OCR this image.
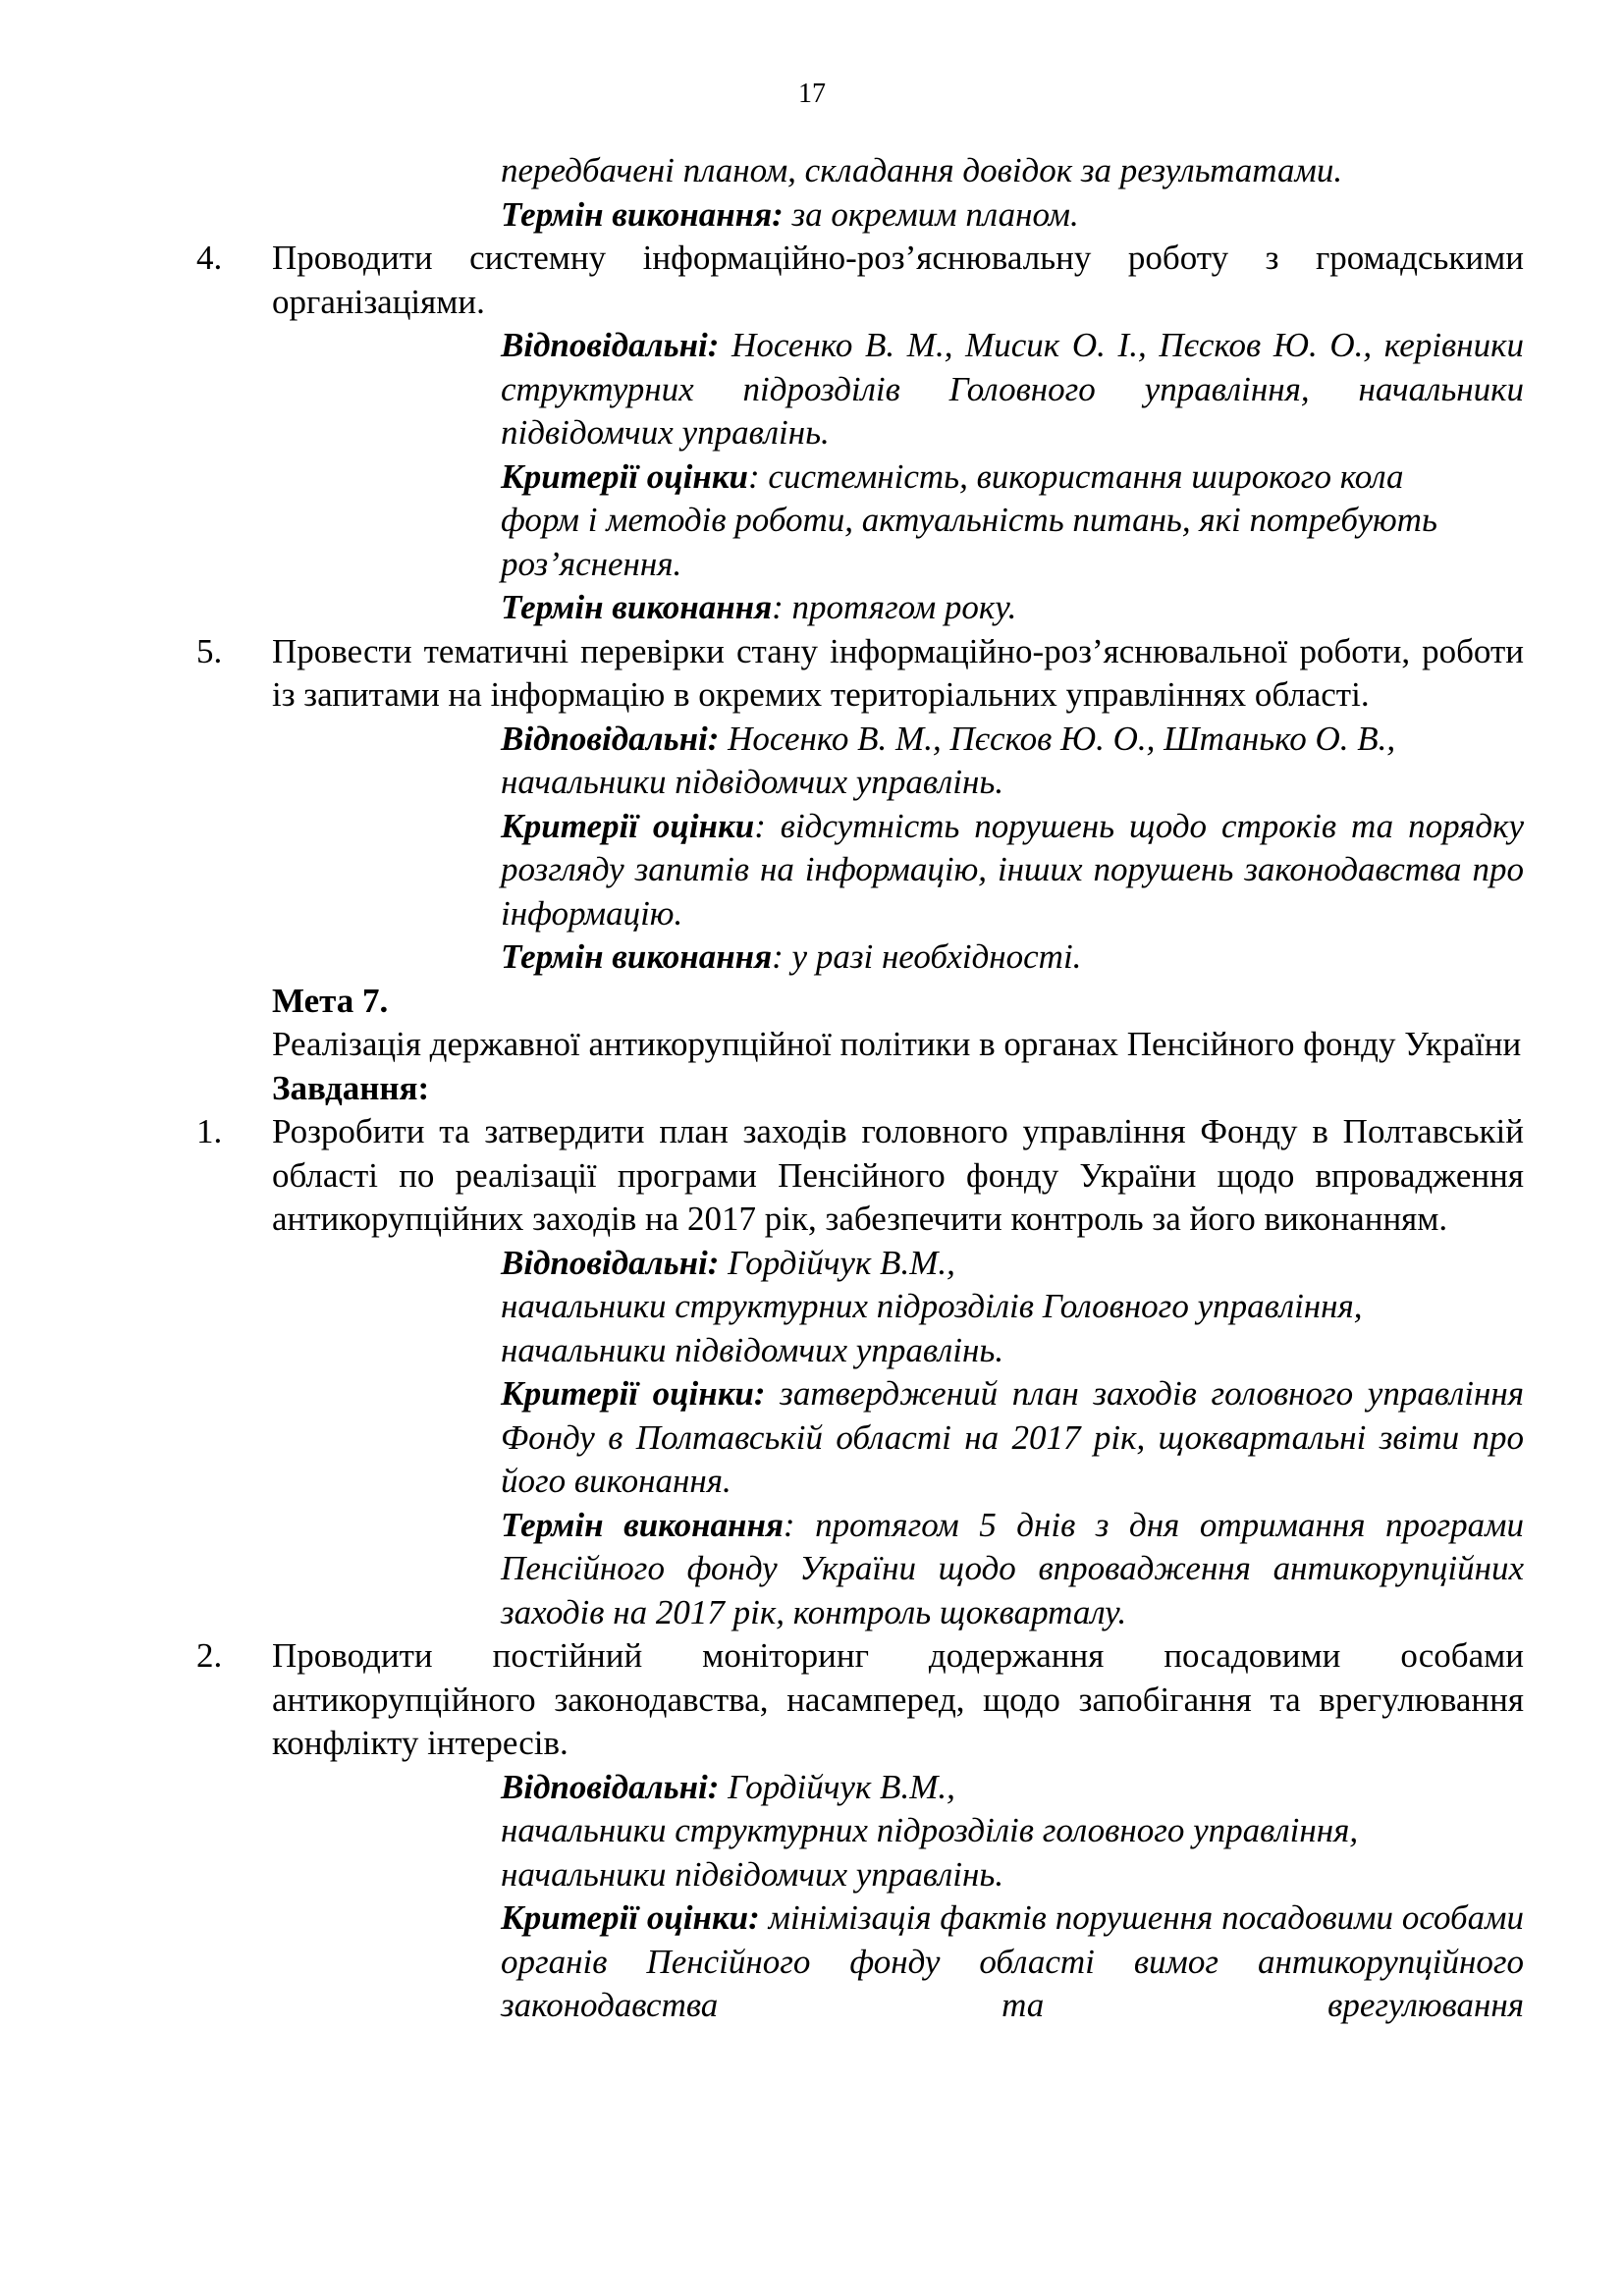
17
передбачені планом, складання довідок за результатами.
Термін виконання: за окремим планом.
4. Проводити системну інформаційно-роз’яснювальну роботу з громадськими організаціями.
Відповідальні: Носенко В. М., Мисик О. І., Пєсков Ю. О., керівники структурних підрозділів Головного управління, начальники підвідомчих управлінь.
Критерії оцінки: системність, використання широкого кола форм і методів роботи, актуальність питань, які потребують роз’яснення.
Термін виконання: протягом року.
5. Провести тематичні перевірки стану інформаційно-роз’яснювальної роботи, роботи із запитами на інформацію в окремих територіальних управліннях області.
Відповідальні: Носенко В. М., Пєсков Ю. О., Штанько О. В., начальники підвідомчих управлінь.
Критерії оцінки: відсутність порушень щодо строків та порядку розгляду запитів на інформацію, інших порушень законодавства про інформацію.
Термін виконання: у разі необхідності.
Мета 7.
Реалізація державної антикорупційної політики в органах Пенсійного фонду України
Завдання:
1. Розробити та затвердити план заходів головного управління Фонду в Полтавській області по реалізації програми Пенсійного фонду України щодо впровадження антикорупційних заходів на 2017 рік, забезпечити контроль за його виконанням.
Відповідальні: Гордійчук В.М.,
начальники структурних підрозділів Головного управління,
начальники підвідомчих управлінь.
Критерії оцінки: затверджений план заходів головного управління Фонду в Полтавській області на 2017 рік, щоквартальні звіти про його виконання.
Термін виконання: протягом 5 днів з дня отримання програми Пенсійного фонду України щодо впровадження антикорупційних заходів на 2017 рік, контроль щокварталу.
2. Проводити постійний моніторинг додержання посадовими особами антикорупційного законодавства, насамперед, щодо запобігання та врегулювання конфлікту інтересів.
Відповідальні: Гордійчук В.М.,
начальники структурних підрозділів головного управління,
начальники підвідомчих управлінь.
Критерії оцінки: мінімізація фактів порушення посадовими особами органів Пенсійного фонду області вимог антикорупційного законодавства та врегулювання
